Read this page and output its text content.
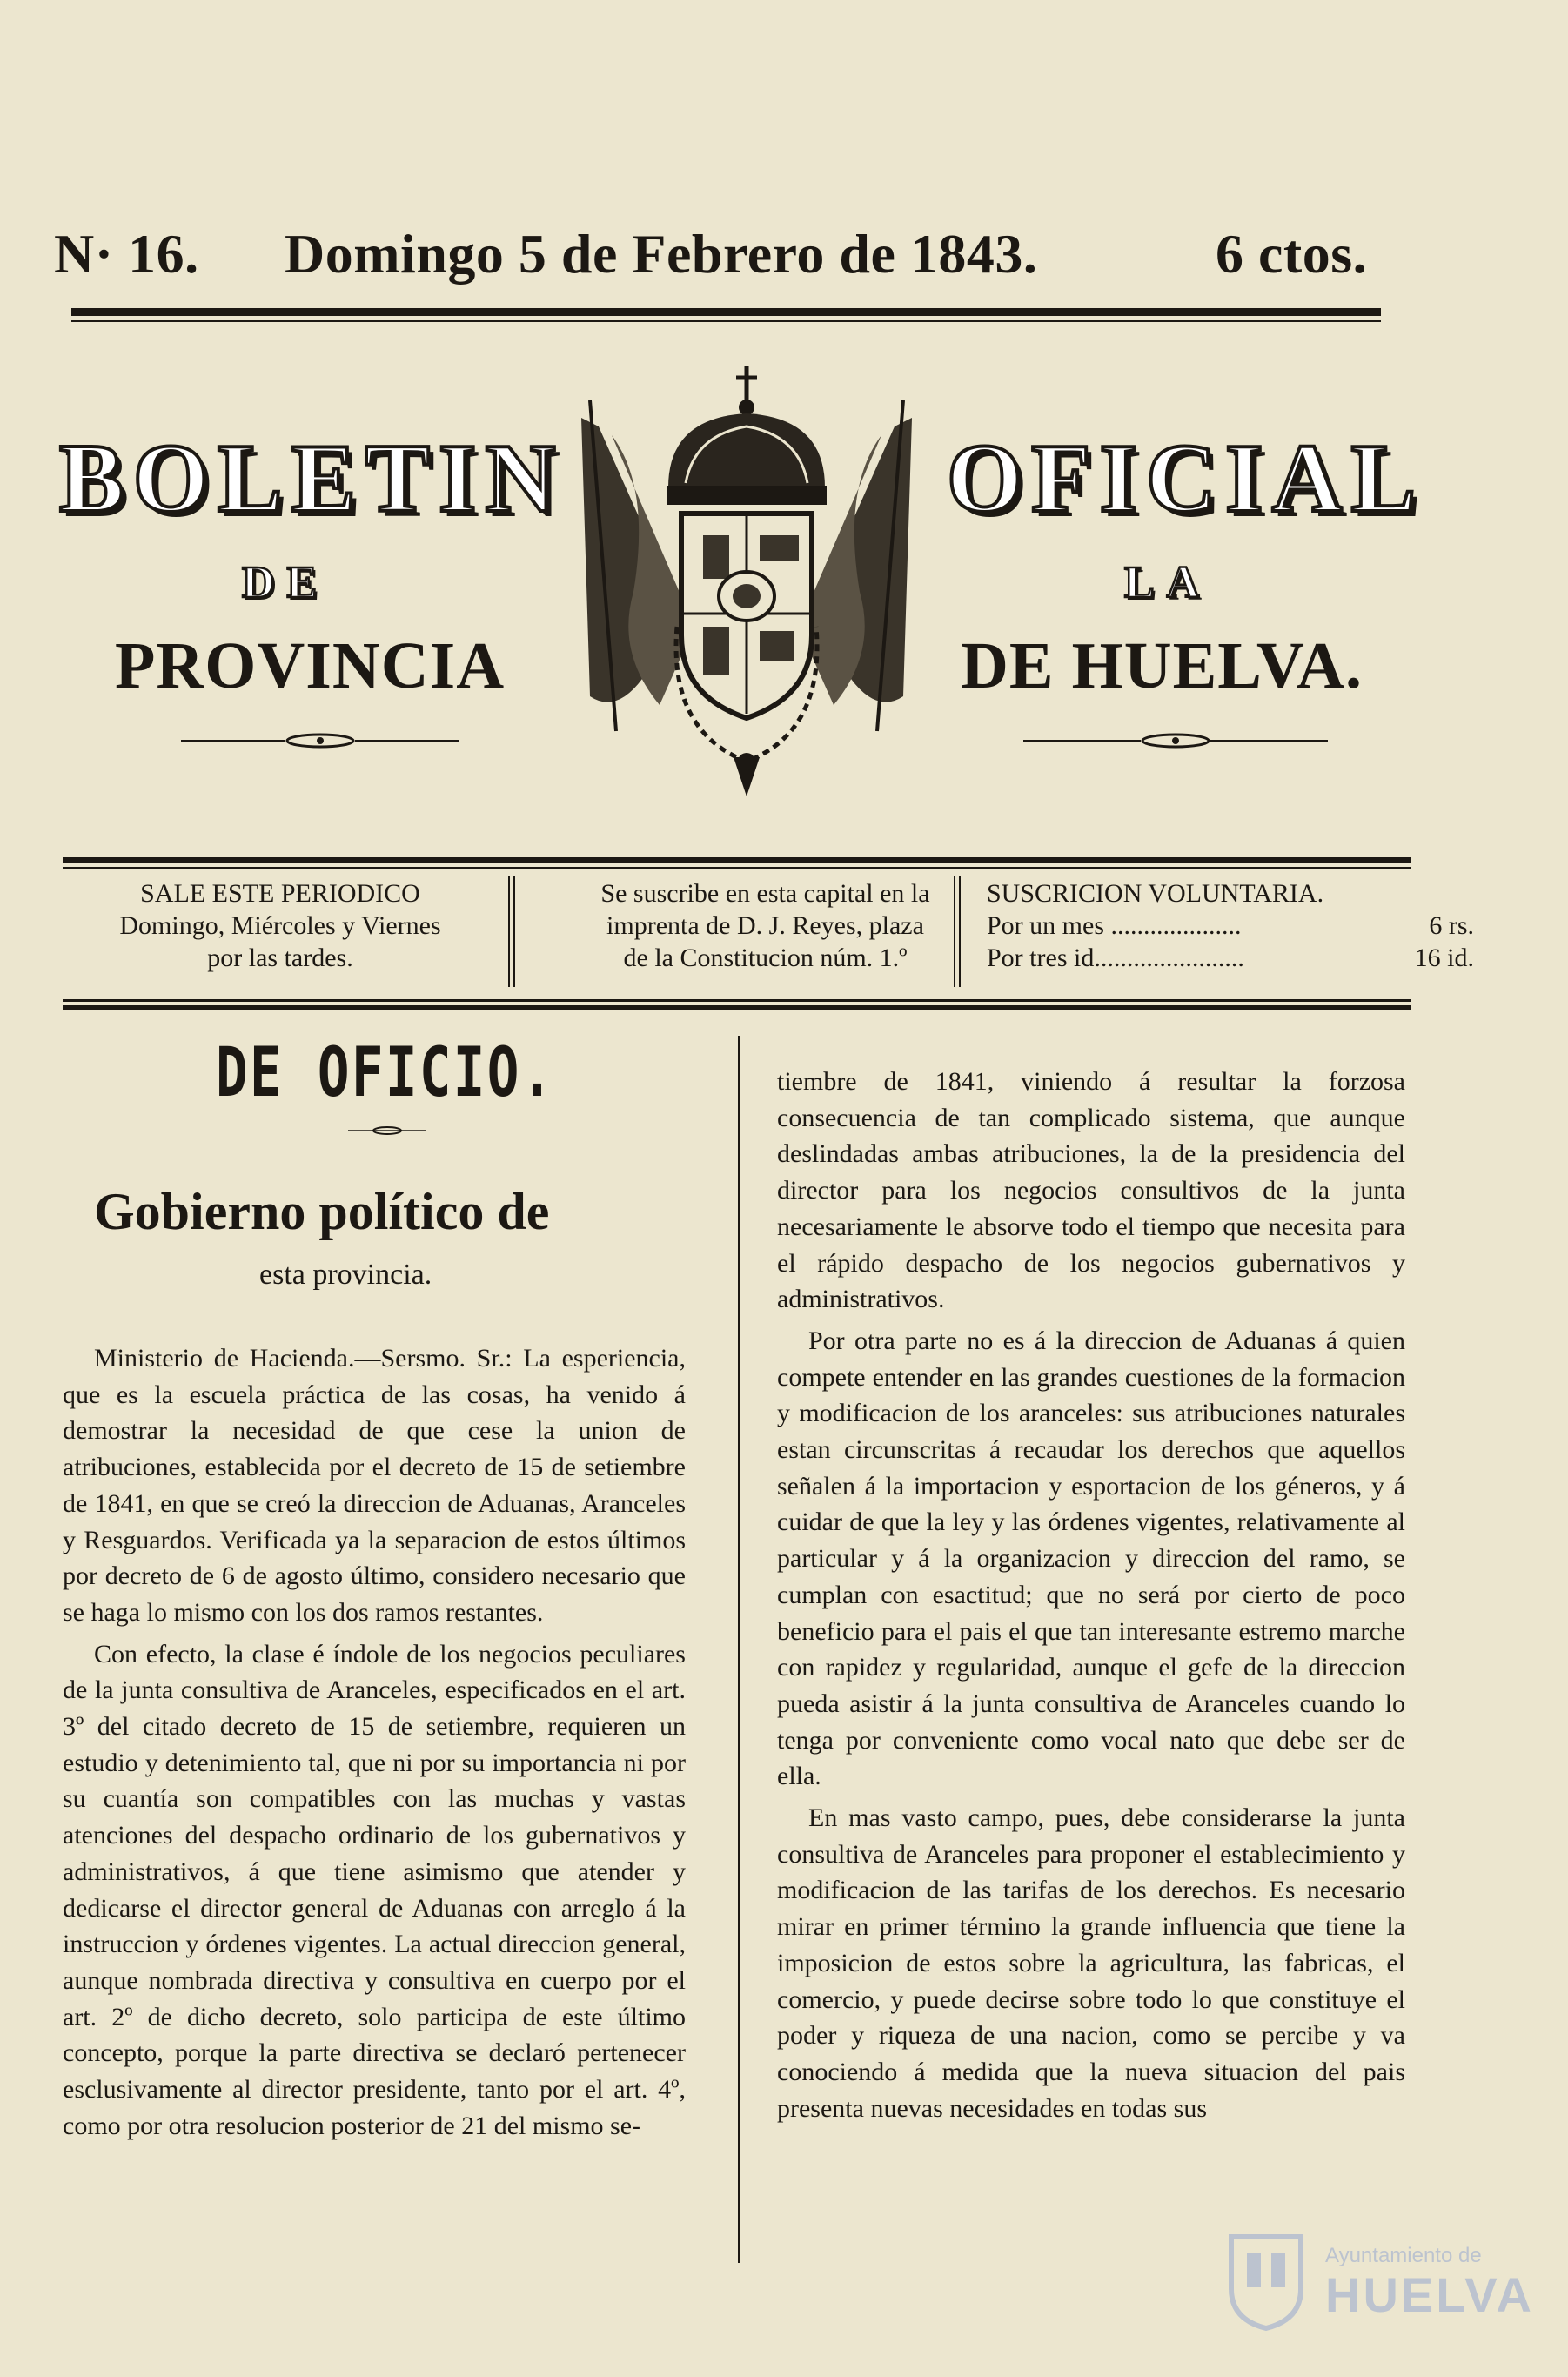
N· 16. Domingo 5 de Febrero de 1843.	6 ctos.
BOLETIN	OFICIAL
DE	LA
PROVINCIA	DE HUELVA.
SALE ESTE PERIODICO
Domingo, Miércoles y Viernes
por las tardes.
Se suscribe en esta capital en la
imprenta de D. J. Reyes, plaza
de la Constitucion núm. 1.º
SUSCRICION VOLUNTARIA.
Por un mes ....................	6 rs.
Por tres id.......................	16 id.
DE OFICIO.
Gobierno político de
esta provincia.

Ministerio de Hacienda.—Sersmo. Sr.: La esperiencia, que es la escuela práctica de las cosas, ha venido á demostrar la necesidad de que cese la union de atribuciones, establecida por el decreto de 15 de setiembre de 1841, en que se creó la direccion de Aduanas, Aranceles y Resguardos. Verificada ya la separacion de estos últimos por decreto de 6 de agosto último, considero necesario que se haga lo mismo con los dos ramos restantes.

Con efecto, la clase é índole de los negocios peculiares de la junta consultiva de Aranceles, especificados en el art. 3º del citado decreto de 15 de setiembre, requieren un estudio y detenimiento tal, que ni por su importancia ni por su cuantía son compatibles con las muchas y vastas atenciones del despacho ordinario de los gubernativos y administrativos, á que tiene asimismo que atender y dedicarse el director general de Aduanas con arreglo á la instruccion y órdenes vigentes. La actual direccion general, aunque nombrada directiva y consultiva en cuerpo por el art. 2º de dicho decreto, solo participa de este último concepto, porque la parte directiva se declaró pertenecer esclusivamente al director presidente, tanto por el art. 4º, como por otra resolucion posterior de 21 del mismo se-

tiembre de 1841, viniendo á resultar la forzosa consecuencia de tan complicado sistema, que aunque deslindadas ambas atribuciones, la de la presidencia del director para los negocios consultivos de la junta necesariamente le absorve todo el tiempo que necesita para el rápido despacho de los negocios gubernativos y administrativos.

Por otra parte no es á la direccion de Aduanas á quien compete entender en las grandes cuestiones de la formacion y modificacion de los aranceles: sus atribuciones naturales estan circunscritas á recaudar los derechos que aquellos señalen á la importacion y esportacion de los géneros, y á cuidar de que la ley y las órdenes vigentes, relativamente al particular y á la organizacion y direccion del ramo, se cumplan con esactitud; que no será por cierto de poco beneficio para el pais el que tan interesante estremo marche con rapidez y regularidad, aunque el gefe de la direccion pueda asistir á la junta consultiva de Aranceles cuando lo tenga por conveniente como vocal nato que debe ser de ella.

En mas vasto campo, pues, debe considerarse la junta consultiva de Aranceles para proponer el establecimiento y modificacion de las tarifas de los derechos. Es necesario mirar en primer término la grande influencia que tiene la imposicion de estos sobre la agricultura, las fabricas, el comercio, y puede decirse sobre todo lo que constituye el poder y riqueza de una nacion, como se percibe y va conociendo á medida que la nueva situacion del pais presenta nuevas necesidades en todas sus

Ayuntamiento de
HUELVA
